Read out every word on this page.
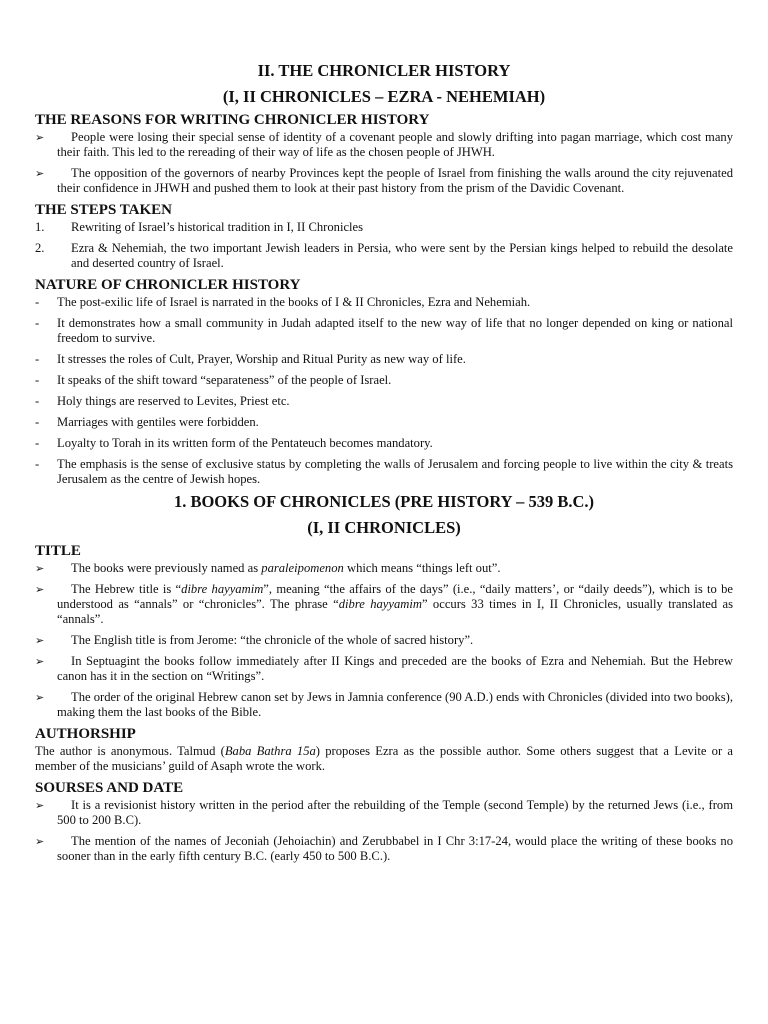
II. THE CHRONICLER HISTORY
(I, II CHRONICLES – EZRA - NEHEMIAH)
THE REASONS FOR WRITING CHRONICLER HISTORY
➢	People were losing their special sense of identity of a covenant people and slowly drifting into pagan marriage, which cost many their faith. This led to the rereading of their way of life as the chosen people of JHWH.
➢	The opposition of the governors of nearby Provinces kept the people of Israel from finishing the walls around the city rejuvenated their confidence in JHWH and pushed them to look at their past history from the prism of the Davidic Covenant.
THE STEPS TAKEN
1.	Rewriting of Israel’s historical tradition in I, II Chronicles
2.	Ezra & Nehemiah, the two important Jewish leaders in Persia, who were sent by the Persian kings helped to rebuild the desolate and deserted country of Israel.
NATURE OF CHRONICLER HISTORY
-	The post-exilic life of Israel is narrated in the books of I & II Chronicles, Ezra and Nehemiah.
-	It demonstrates how a small community in Judah adapted itself to the new way of life that no longer depended on king or national freedom to survive.
-	It stresses the roles of Cult, Prayer, Worship and Ritual Purity as new way of life.
-	It speaks of the shift toward “separateness” of the people of Israel.
-	Holy things are reserved to Levites, Priest etc.
-	Marriages with gentiles were forbidden.
-	Loyalty to Torah in its written form of the Pentateuch becomes mandatory.
-	The emphasis is the sense of exclusive status by completing the walls of Jerusalem and forcing people to live within the city & treats Jerusalem as the centre of Jewish hopes.
1. BOOKS OF CHRONICLES (PRE HISTORY – 539 B.C.)
(I, II CHRONICLES)
TITLE
➢	The books were previously named as paraleipomenon which means “things left out”.
➢	The Hebrew title is “dibre hayyamim”, meaning “the affairs of the days” (i.e., “daily matters’, or “daily deeds”), which is to be understood as “annals” or “chronicles”. The phrase “dibre hayyamim” occurs 33 times in I, II Chronicles, usually translated as “annals”.
➢	The English title is from Jerome: “the chronicle of the whole of sacred history”.
➢	In Septuagint the books follow immediately after II Kings and preceded are the books of Ezra and Nehemiah. But the Hebrew canon has it in the section on “Writings”.
➢	The order of the original Hebrew canon set by Jews in Jamnia conference (90 A.D.) ends with Chronicles (divided into two books), making them the last books of the Bible.
AUTHORSHIP
The author is anonymous. Talmud (Baba Bathra 15a) proposes Ezra as the possible author. Some others suggest that a Levite or a member of the musicians’ guild of Asaph wrote the work.
SOURSES AND DATE
➢	It is a revisionist history written in the period after the rebuilding of the Temple (second Temple) by the returned Jews (i.e., from 500 to 200 B.C).
➢	The mention of the names of Jeconiah (Jehoiachin) and Zerubbabel in I Chr 3:17-24, would place the writing of these books no sooner than in the early fifth century B.C. (early 450 to 500 B.C.).
